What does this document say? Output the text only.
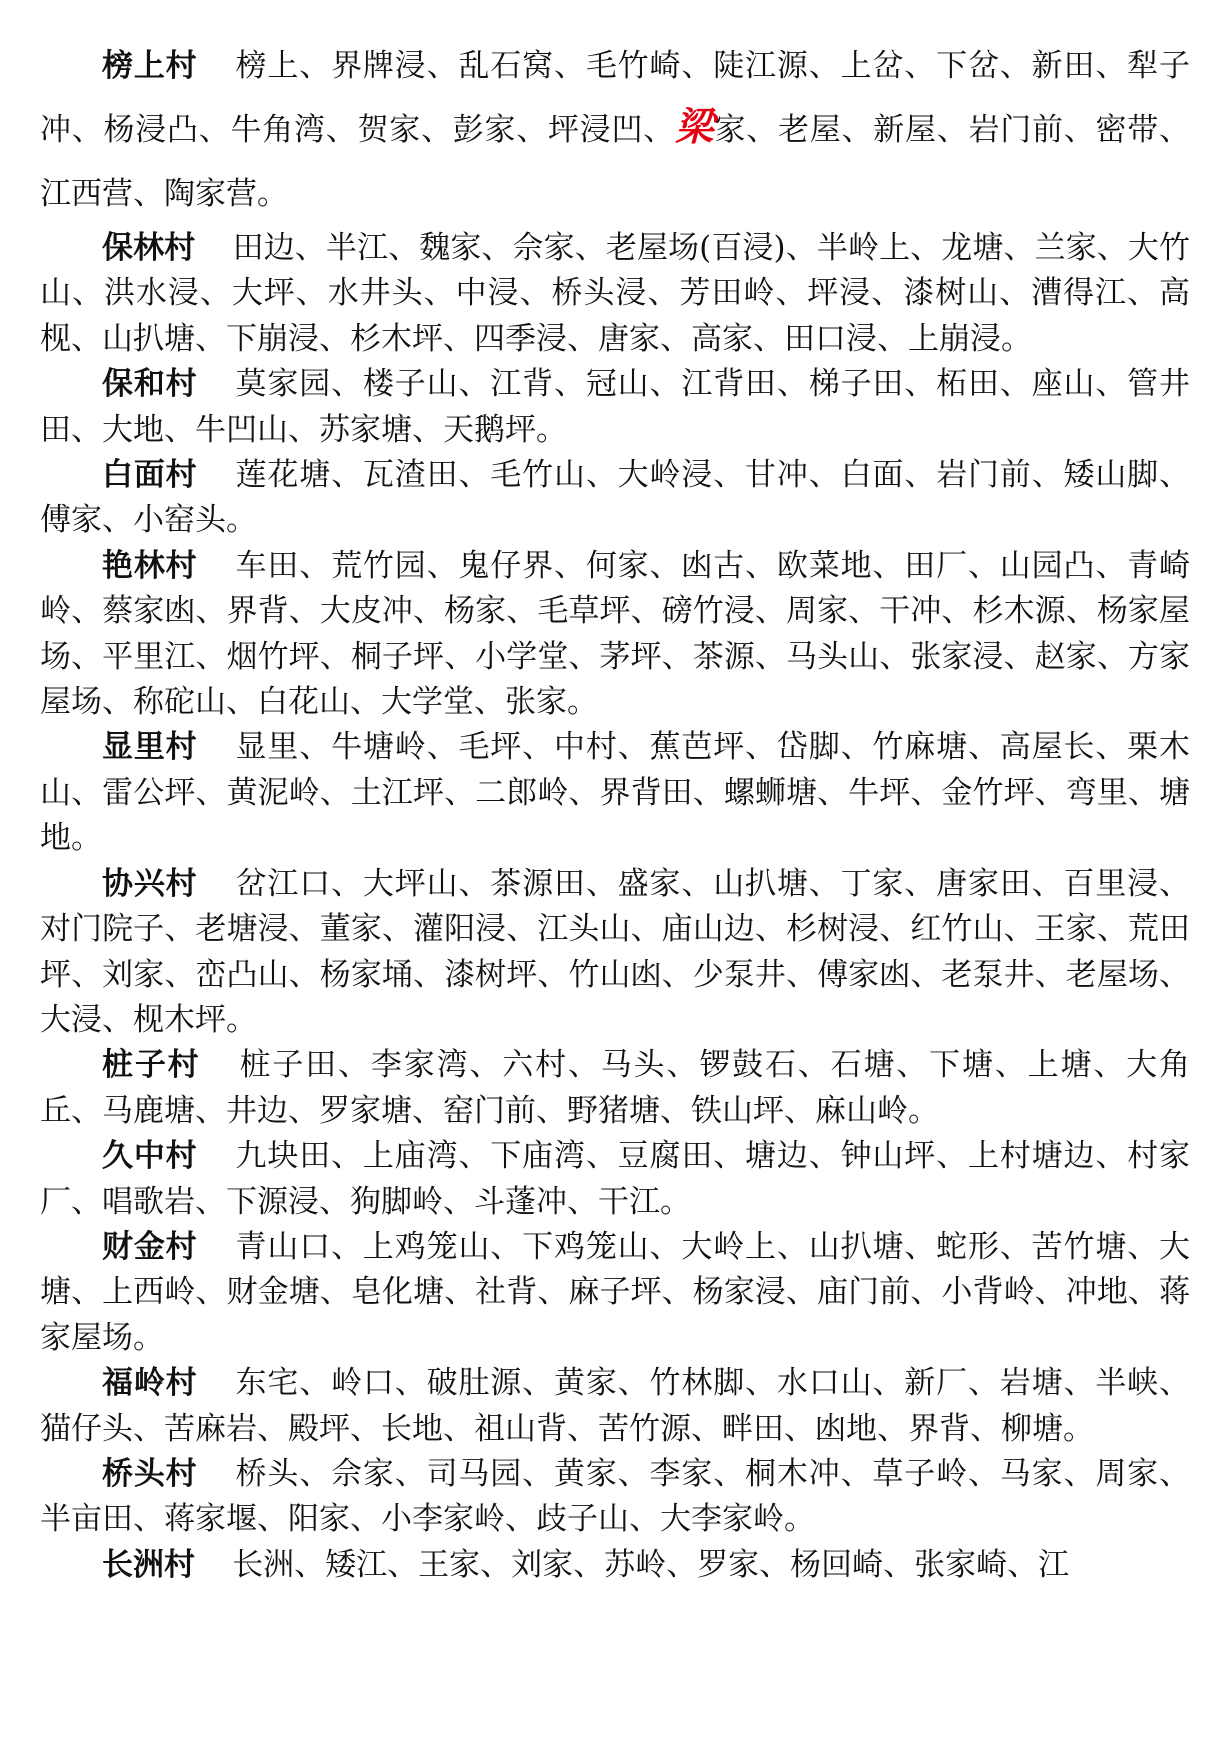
榜上村 榜上、界牌浸、乱石窝、毛竹崎、陡江源、上岔、下岔、新田、犁子冲、杨浸凸、牛角湾、贺家、彭家、坪浸凹、梁家、老屋、新屋、岩门前、密带、江西营、陶家营。

保林村 田边、半江、魏家、佘家、老屋场(百浸)、半岭上、龙塘、兰家、大竹山、洪水浸、大坪、水井头、中浸、桥头浸、芳田岭、坪浸、漆树山、漕得江、高枧、山扒塘、下崩浸、杉木坪、四季浸、唐家、高家、田口浸、上崩浸。

保和村 莫家园、楼子山、江背、冠山、江背田、梯子田、柘田、座山、管井田、大地、牛凹山、苏家塘、天鹅坪。

白面村 莲花塘、瓦渣田、毛竹山、大岭浸、甘冲、白面、岩门前、矮山脚、傅家、小窑头。

艳林村 车田、荒竹园、鬼仔界、何家、凼古、欧菜地、田厂、山园凸、青崎岭、蔡家凼、界背、大皮冲、杨家、毛草坪、磅竹浸、周家、干冲、杉木源、杨家屋场、平里江、烟竹坪、桐子坪、小学堂、茅坪、茶源、马头山、张家浸、赵家、方家屋场、称砣山、白花山、大学堂、张家。

显里村 显里、牛塘岭、毛坪、中村、蕉芭坪、岱脚、竹麻塘、高屋长、栗木山、雷公坪、黄泥岭、土江坪、二郎岭、界背田、螺蛳塘、牛坪、金竹坪、弯里、塘地。

协兴村 岔江口、大坪山、茶源田、盛家、山扒塘、丁家、唐家田、百里浸、对门院子、老塘浸、董家、灌阳浸、江头山、庙山边、杉树浸、红竹山、王家、荒田坪、刘家、峦凸山、杨家埇、漆树坪、竹山凼、少泵井、傅家凼、老泵井、老屋场、大浸、枧木坪。

桩子村 桩子田、李家湾、六村、马头、锣鼓石、石塘、下塘、上塘、大角丘、马鹿塘、井边、罗家塘、窑门前、野猪塘、铁山坪、麻山岭。

久中村 九块田、上庙湾、下庙湾、豆腐田、塘边、钟山坪、上村塘边、村家厂、唱歌岩、下源浸、狗脚岭、斗蓬冲、干江。

财金村 青山口、上鸡笼山、下鸡笼山、大岭上、山扒塘、蛇形、苦竹塘、大塘、上西岭、财金塘、皂化塘、社背、麻子坪、杨家浸、庙门前、小背岭、冲地、蒋家屋场。

福岭村 东宅、岭口、破肚源、黄家、竹林脚、水口山、新厂、岩塘、半峡、猫仔头、苦麻岩、殿坪、长地、祖山背、苦竹源、畔田、凼地、界背、柳塘。

桥头村 桥头、佘家、司马园、黄家、李家、桐木冲、草子岭、马家、周家、半亩田、蒋家堰、阳家、小李家岭、歧子山、大李家岭。

长洲村 长洲、矮江、王家、刘家、苏岭、罗家、杨回崎、张家崎、江
